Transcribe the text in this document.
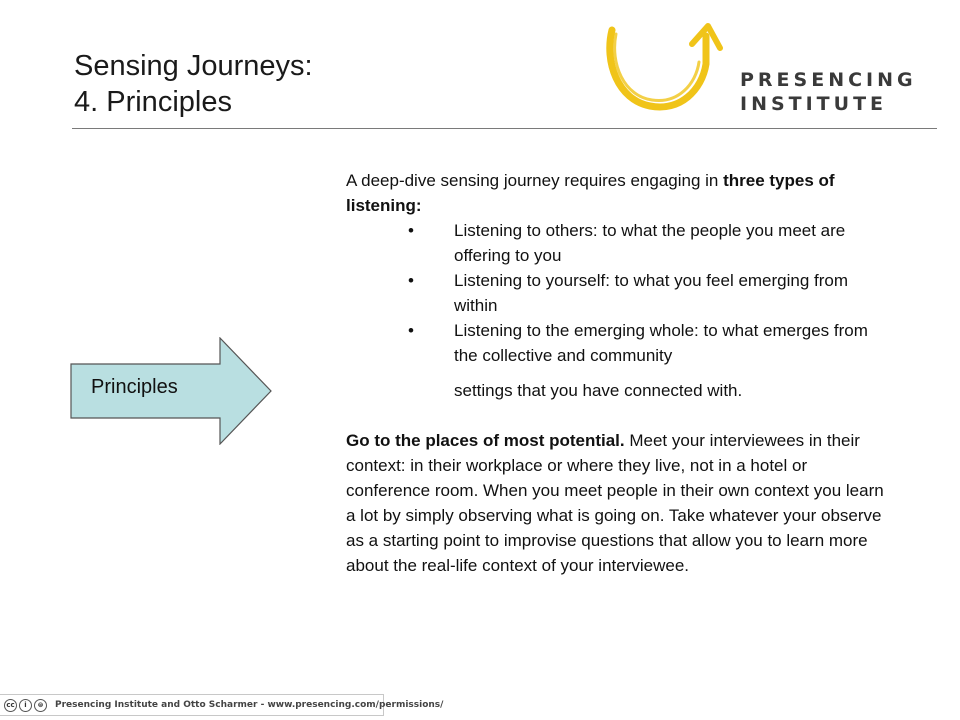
Sensing Journeys:
4. Principles
PRESENCING
INSTITUTE
Principles

A deep-dive sensing journey requires engaging in three types of listening:

• Listening to others: to what the people you meet are offering to you
• Listening to yourself: to what you feel emerging from within
• Listening to the emerging whole: to what emerges from the collective and community
settings that you have connected with.

Go to the places of most potential. Meet your interviewees in their context: in their workplace or where they live, not in a hotel or conference room. When you meet people in their own context you learn a lot by simply observing what is going on. Take whatever your observe as a starting point to improvise questions that allow you to learn more about the real-life context of your interviewee.

cc	i	⊜	Presencing Institute and Otto Scharmer - www.presencing.com/permissions/
